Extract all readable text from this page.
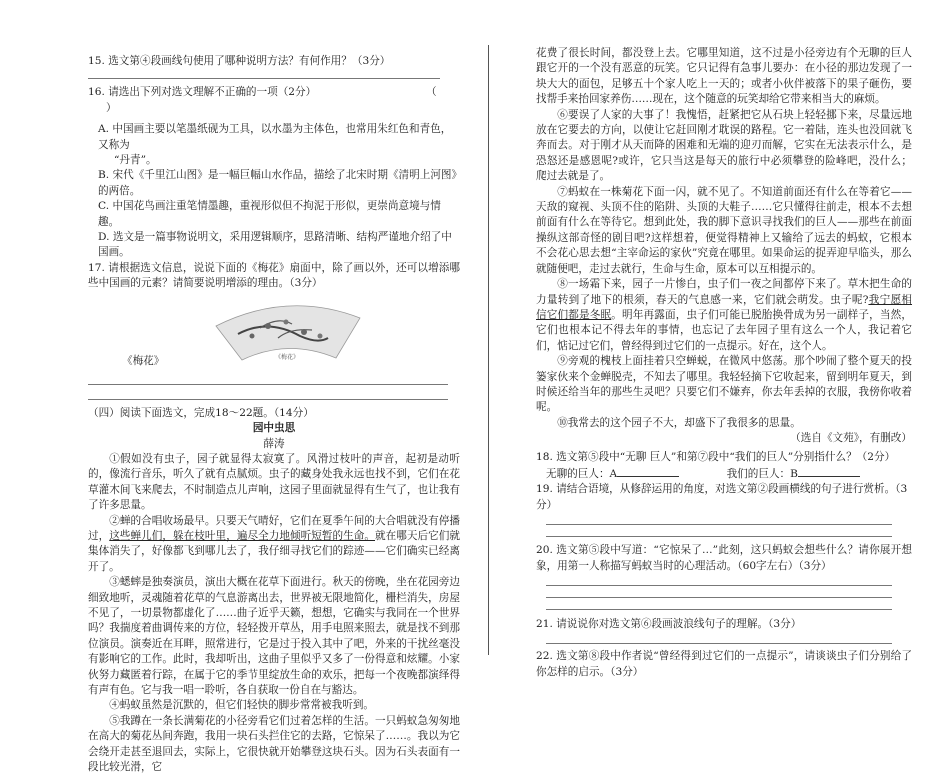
15. 选文第④段画线句使用了哪种说明方法？有何作用？（3分）

16. 请选出下列对选文理解不正确的一项（2分）	（

）

A. 中国画主要以笔墨纸砚为工具，以水墨为主体色，也常用朱红色和青色，又称为

“丹青”。

B. 宋代《千里江山图》是一幅巨幅山水作品，描绘了北宋时期《清明上河图》的两倍。

C. 中国花鸟画注重笔情墨趣，重视形似但不拘泥于形似，更崇尚意境与情趣。

D. 选文是一篇事物说明文，采用逻辑顺序，思路清晰、结构严谨地介绍了中国画。

17. 请根据选文信息，说说下面的《梅花》扇面中，除了画以外，还可以增添哪些中国画的元素？请简要说明增添的理由。（3分）

《梅花》
《梅花》

（四）阅读下面选文，完成18～22题。（14分）

园中虫思

薛涛

①假如没有虫子，园子就显得太寂寞了。风滑过枝叶的声音，起初是动听的，像流行音乐，听久了就有点腻烦。虫子的藏身处我永远也找不到，它们在花草灌木间飞来爬去，不时制造点儿声响，这园子里面就显得有生气了，也让我有了许多思量。

②蝉的合唱收场最早。只要天气晴好，它们在夏季午间的大合唱就没有停播过，这些蝉儿们，躲在枝叶里，遍尽全力地倾听短暂的生命。就在哪天后它们就集体消失了，好像都飞到哪儿去了，我仔细寻找它们的踪迹——它们确实已经离开了。

③蟋蟀是独奏演员，演出大概在花草下面进行。秋天的傍晚，坐在花园旁边细致地听，灵魂随着花草的气息游离出去，世界被无限地简化，栅栏消失，房屋不见了，一切景物都虚化了……曲子近乎天籁，想想，它确实与我同在一个世界吗？我揣度着曲调传来的方位，轻轻拨开草丛，用手电照来照去，就是找不到那位演员。演奏近在耳畔，照常进行，它是过于投入其中了吧，外来的干扰丝毫没有影响它的工作。此时，我却听出，这曲子里似乎又多了一份得意和炫耀。小家伙努力藏匿着行踪，在属于它的季节里绽放生命的欢乐，把每一个夜晚都演绎得有声有色。它与我一唱一聆听，各自获取一份自在与豁达。

④蚂蚁虽然是沉默的，但它们轻快的脚步常常被我听到。

⑤我蹲在一条长满菊花的小径旁看它们过着怎样的生活。一只蚂蚁急匆匆地在高大的菊花丛间奔跑，我用一块石头拦住它的去路，它惊呆了……。我以为它会绕开走甚至退回去，实际上，它很快就开始攀登这块石头。因为石头表面有一段比较光滑，它

花费了很长时间，都没登上去。它哪里知道，这不过是小径旁边有个无聊的巨人跟它开的一个没有恶意的玩笑。它只记得有急事儿要办：在小径的那边发现了一块大大的面包，足够五十个家人吃上一天的；或者小伙伴被落下的果子砸伤，要找帮手来抬回家养伤……现在，这个随意的玩笑却给它带来相当大的麻烦。

⑥要误了人家的大事了！我愧悟，赶紧把它从石块上轻轻挪下来，尽量远地放在它要去的方向，以使让它赶回刚才耽误的路程。它一着陆，连头也没回就飞奔而去。对于刚才从天而降的困难和无端的迎刃而解，它实在无法表示什么，是恐怒还是感恩呢?或许，它只当这是每天的旅行中必须攀登的险峰吧，没什么；爬过去就是了。

⑦蚂蚁在一株菊花下面一闪，就不见了。不知道前面还有什么在等着它——天敌的窥视、头顶不住的陷阱、头顶的大鞋子……它只懂得往前走，根本不去想前面有什么在等待它。想到此处，我的脚下意识寻找我们的巨人——那些在前面操纵这部奇怪的剧目吧?这样想着，便觉得精神上又输给了远去的蚂蚁，它根本不会花心思去想“主宰命运的家伙”究竟在哪里。如果命运的捉弄迎早临头，那么就随便吧，走过去就行，生命与生命，原本可以互相提示的。

⑧一场霜下来，园子一片惨白，虫子们一夜之间都停下来了。草木把生命的力量转到了地下的根须，春天的气息感一来，它们就会萌发。虫子呢?我宁愿相信它们都是冬眠。明年再露面，虫子们可能已脱胎换骨成为另一副样子，当然，它们也根本记不得去年的事情，也忘记了去年园子里有这么一个人，我记着它们，惦记过它们，曾经得到过它们的一点提示。好在，这个人。

⑨旁观的槐枝上面挂着只空蝉蜕，在微风中悠荡。那个吵闹了整个夏天的投篓家伙来个金蝉脱壳，不知去了哪里。我轻轻摘下它收起来，留到明年夏天，到时候还给当年的那些生灵吧？只要它们不嫌弃，你去年丢掉的衣服，我傍你收着呢。

⑩我常去的这个园子不大，却盛下了我很多的思量。

（选自《文苑》，有删改）

18. 选文第⑤段中“无聊 巨人”和第⑦段中“我们的巨人”分别指什么？（2分）

无聊的巨人：A	我们的巨人：B

19. 请结合语境，从修辞运用的角度，对选文第②段画横线的句子进行赏析。（3分）

20. 选文第⑤段中写道：“它惊呆了…”此刻，这只蚂蚁会想些什么？请你展开想象，用第一人称描写蚂蚁当时的心理活动。（60字左右）（3分）

21. 请说说你对选文第⑥段画波浪线句子的理解。（3分）

22. 选文第⑧段中作者说“曾经得到过它们的一点提示”，请谈谈虫子们分别给了你怎样的启示。（3分）
